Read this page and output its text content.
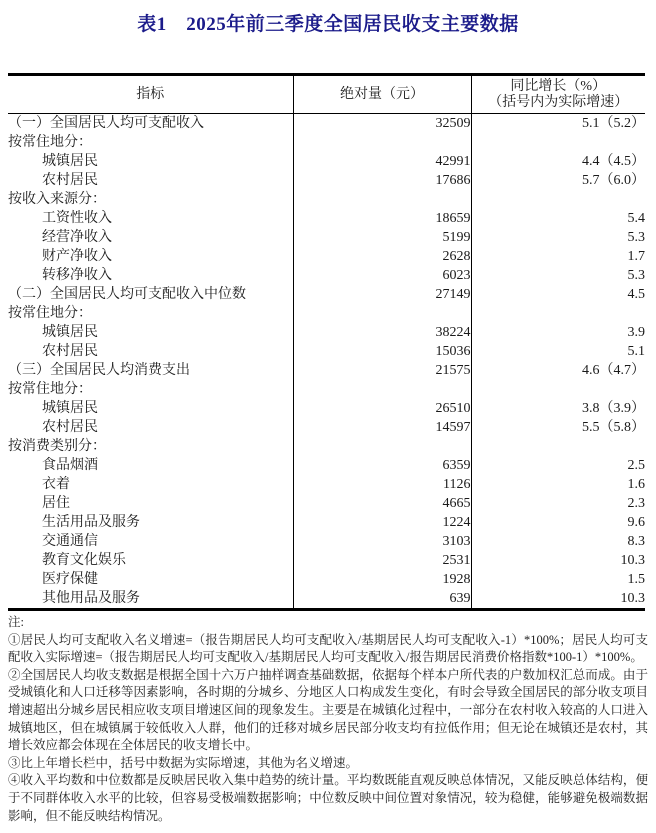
表1　2025年前三季度全国居民收支主要数据
指标	绝对量（元）	同比增长（%）
（括号内为实际增速）

（一）全国居民人均可支配收入	32509	5.1（5.2）
按常住地分：		
城镇居民	42991	4.4（4.5）
农村居民	17686	5.7（6.0）
按收入来源分：		
工资性收入	18659	5.4
经营净收入	5199	5.3
财产净收入	2628	1.7
转移净收入	6023	5.3
（二）全国居民人均可支配收入中位数	27149	4.5
按常住地分：		
城镇居民	38224	3.9
农村居民	15036	5.1
（三）全国居民人均消费支出	21575	4.6（4.7）
按常住地分：		
城镇居民	26510	3.8（3.9）
农村居民	14597	5.5（5.8）
按消费类别分：		
食品烟酒	6359	2.5
衣着	1126	1.6
居住	4665	2.3
生活用品及服务	1224	9.6
交通通信	3103	8.3
教育文化娱乐	2531	10.3
医疗保健	1928	1.5
其他用品及服务	639	10.3
注:
①居民人均可支配收入名义增速=（报告期居民人均可支配收入/基期居民人均可支配收入-1）*100%；居民人均可支配收入实际增速=（报告期居民人均可支配收入/基期居民人均可支配收入/报告期居民消费价格指数*100-1）*100%。
②全国居民人均收支数据是根据全国十六万户抽样调查基础数据，依据每个样本户所代表的户数加权汇总而成。由于受城镇化和人口迁移等因素影响，各时期的分城乡、分地区人口构成发生变化，有时会导致全国居民的部分收支项目增速超出分城乡居民相应收支项目增速区间的现象发生。主要是在城镇化过程中，一部分在农村收入较高的人口进入城镇地区，但在城镇属于较低收入人群，他们的迁移对城乡居民部分收支均有拉低作用；但无论在城镇还是农村，其增长效应都会体现在全体居民的收支增长中。
③比上年增长栏中，括号中数据为实际增速，其他为名义增速。
④收入平均数和中位数都是反映居民收入集中趋势的统计量。平均数既能直观反映总体情况，又能反映总体结构，便于不同群体收入水平的比较，但容易受极端数据影响；中位数反映中间位置对象情况，较为稳健，能够避免极端数据影响，但不能反映结构情况。
